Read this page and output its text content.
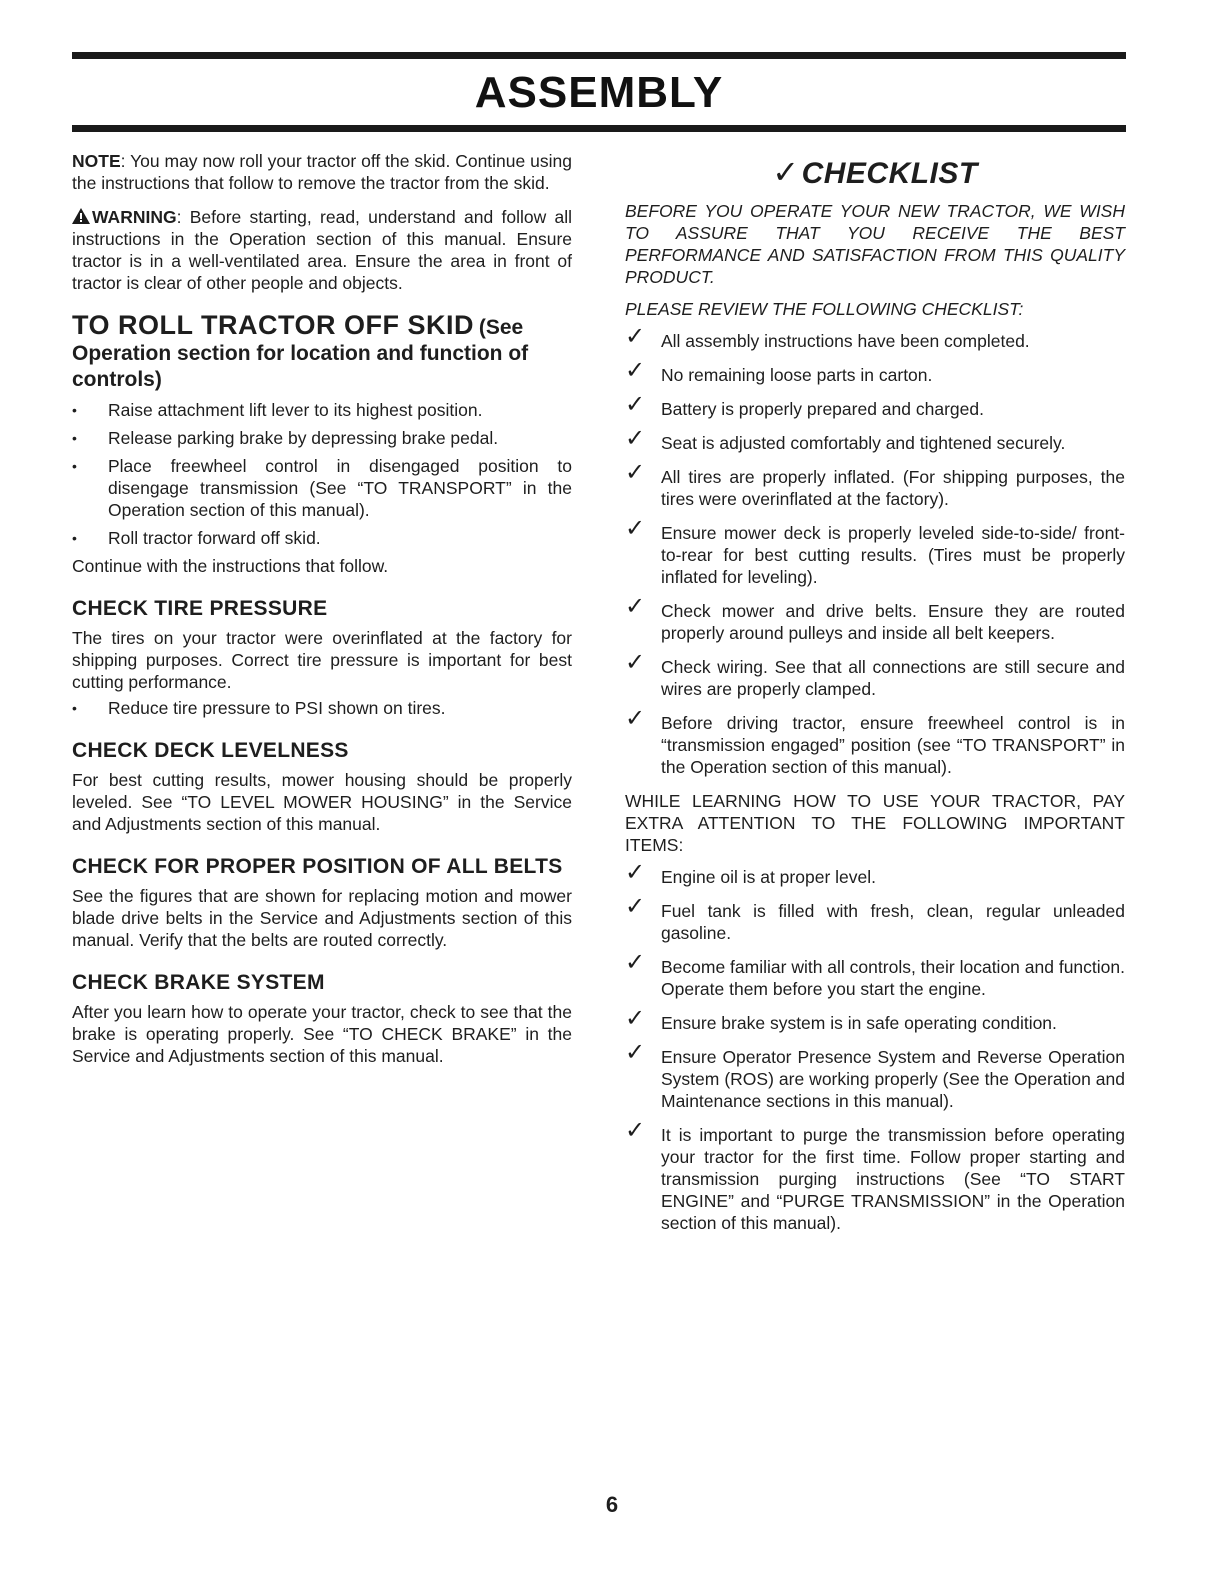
ASSEMBLY

NOTE: You may now roll your tractor off the skid. Continue using the instructions that follow to remove the tractor from the skid.

WARNING: Before starting, read, understand and follow all instructions in the Operation section of this manual. Ensure tractor is in a well-ventilated area. Ensure the area in front of tractor is clear of other people and objects.

TO ROLL TRACTOR OFF SKID (See Operation section for location and function of controls)
• Raise attachment lift lever to its highest position.
• Release parking brake by depressing brake pedal.
• Place freewheel control in disengaged position to disengage transmission (See “TO TRANSPORT” in the Operation section of this manual).
• Roll tractor forward off skid.

Continue with the instructions that follow.

CHECK TIRE PRESSURE

The tires on your tractor were overinflated at the factory for shipping purposes. Correct tire pressure is important for best cutting performance.

• Reduce tire pressure to PSI shown on tires.
CHECK DECK LEVELNESS

For best cutting results, mower housing should be properly leveled. See “TO LEVEL MOWER HOUSING” in the Service and Adjustments section of this manual.

CHECK FOR PROPER POSITION OF ALL BELTS

See the figures that are shown for replacing motion and mower blade drive belts in the Service and Adjustments section of this manual. Verify that the belts are routed correctly.

CHECK BRAKE SYSTEM

After you learn how to operate your tractor, check to see that the brake is operating properly. See “TO CHECK BRAKE” in the Service and Adjustments section of this manual.

✓CHECKLIST

BEFORE YOU OPERATE YOUR NEW TRACTOR, WE WISH TO ASSURE THAT YOU RECEIVE THE BEST PERFORMANCE AND SATISFACTION FROM THIS QUALITY PRODUCT.

PLEASE REVIEW THE FOLLOWING CHECKLIST:

✓ All assembly instructions have been completed.
✓ No remaining loose parts in carton.
✓ Battery is properly prepared and charged.
✓ Seat is adjusted comfortably and tightened securely.
✓ All tires are properly inflated. (For shipping purposes, the tires were overinflated at the factory).
✓ Ensure mower deck is properly leveled side-to-side/ front-to-rear for best cutting results. (Tires must be properly inflated for leveling).
✓ Check mower and drive belts. Ensure they are routed properly around pulleys and inside all belt keepers.
✓ Check wiring. See that all connections are still secure and wires are properly clamped.
✓ Before driving tractor, ensure freewheel control is in “transmission engaged” position (see “TO TRANSPORT” in the Operation section of this manual).

WHILE LEARNING HOW TO USE YOUR TRACTOR, PAY EXTRA ATTENTION TO THE FOLLOWING IMPORTANT ITEMS:

✓ Engine oil is at proper level.
✓ Fuel tank is filled with fresh, clean, regular unleaded gasoline.
✓ Become familiar with all controls, their location and function. Operate them before you start the engine.
✓ Ensure brake system is in safe operating condition.
✓ Ensure Operator Presence System and Reverse Operation System (ROS) are working properly (See the Operation and Maintenance sections in this manual).
✓ It is important to purge the transmission before operating your tractor for the first time. Follow proper starting and transmission purging instructions (See “TO START ENGINE” and “PURGE TRANSMISSION” in the Operation section of this manual).
6
